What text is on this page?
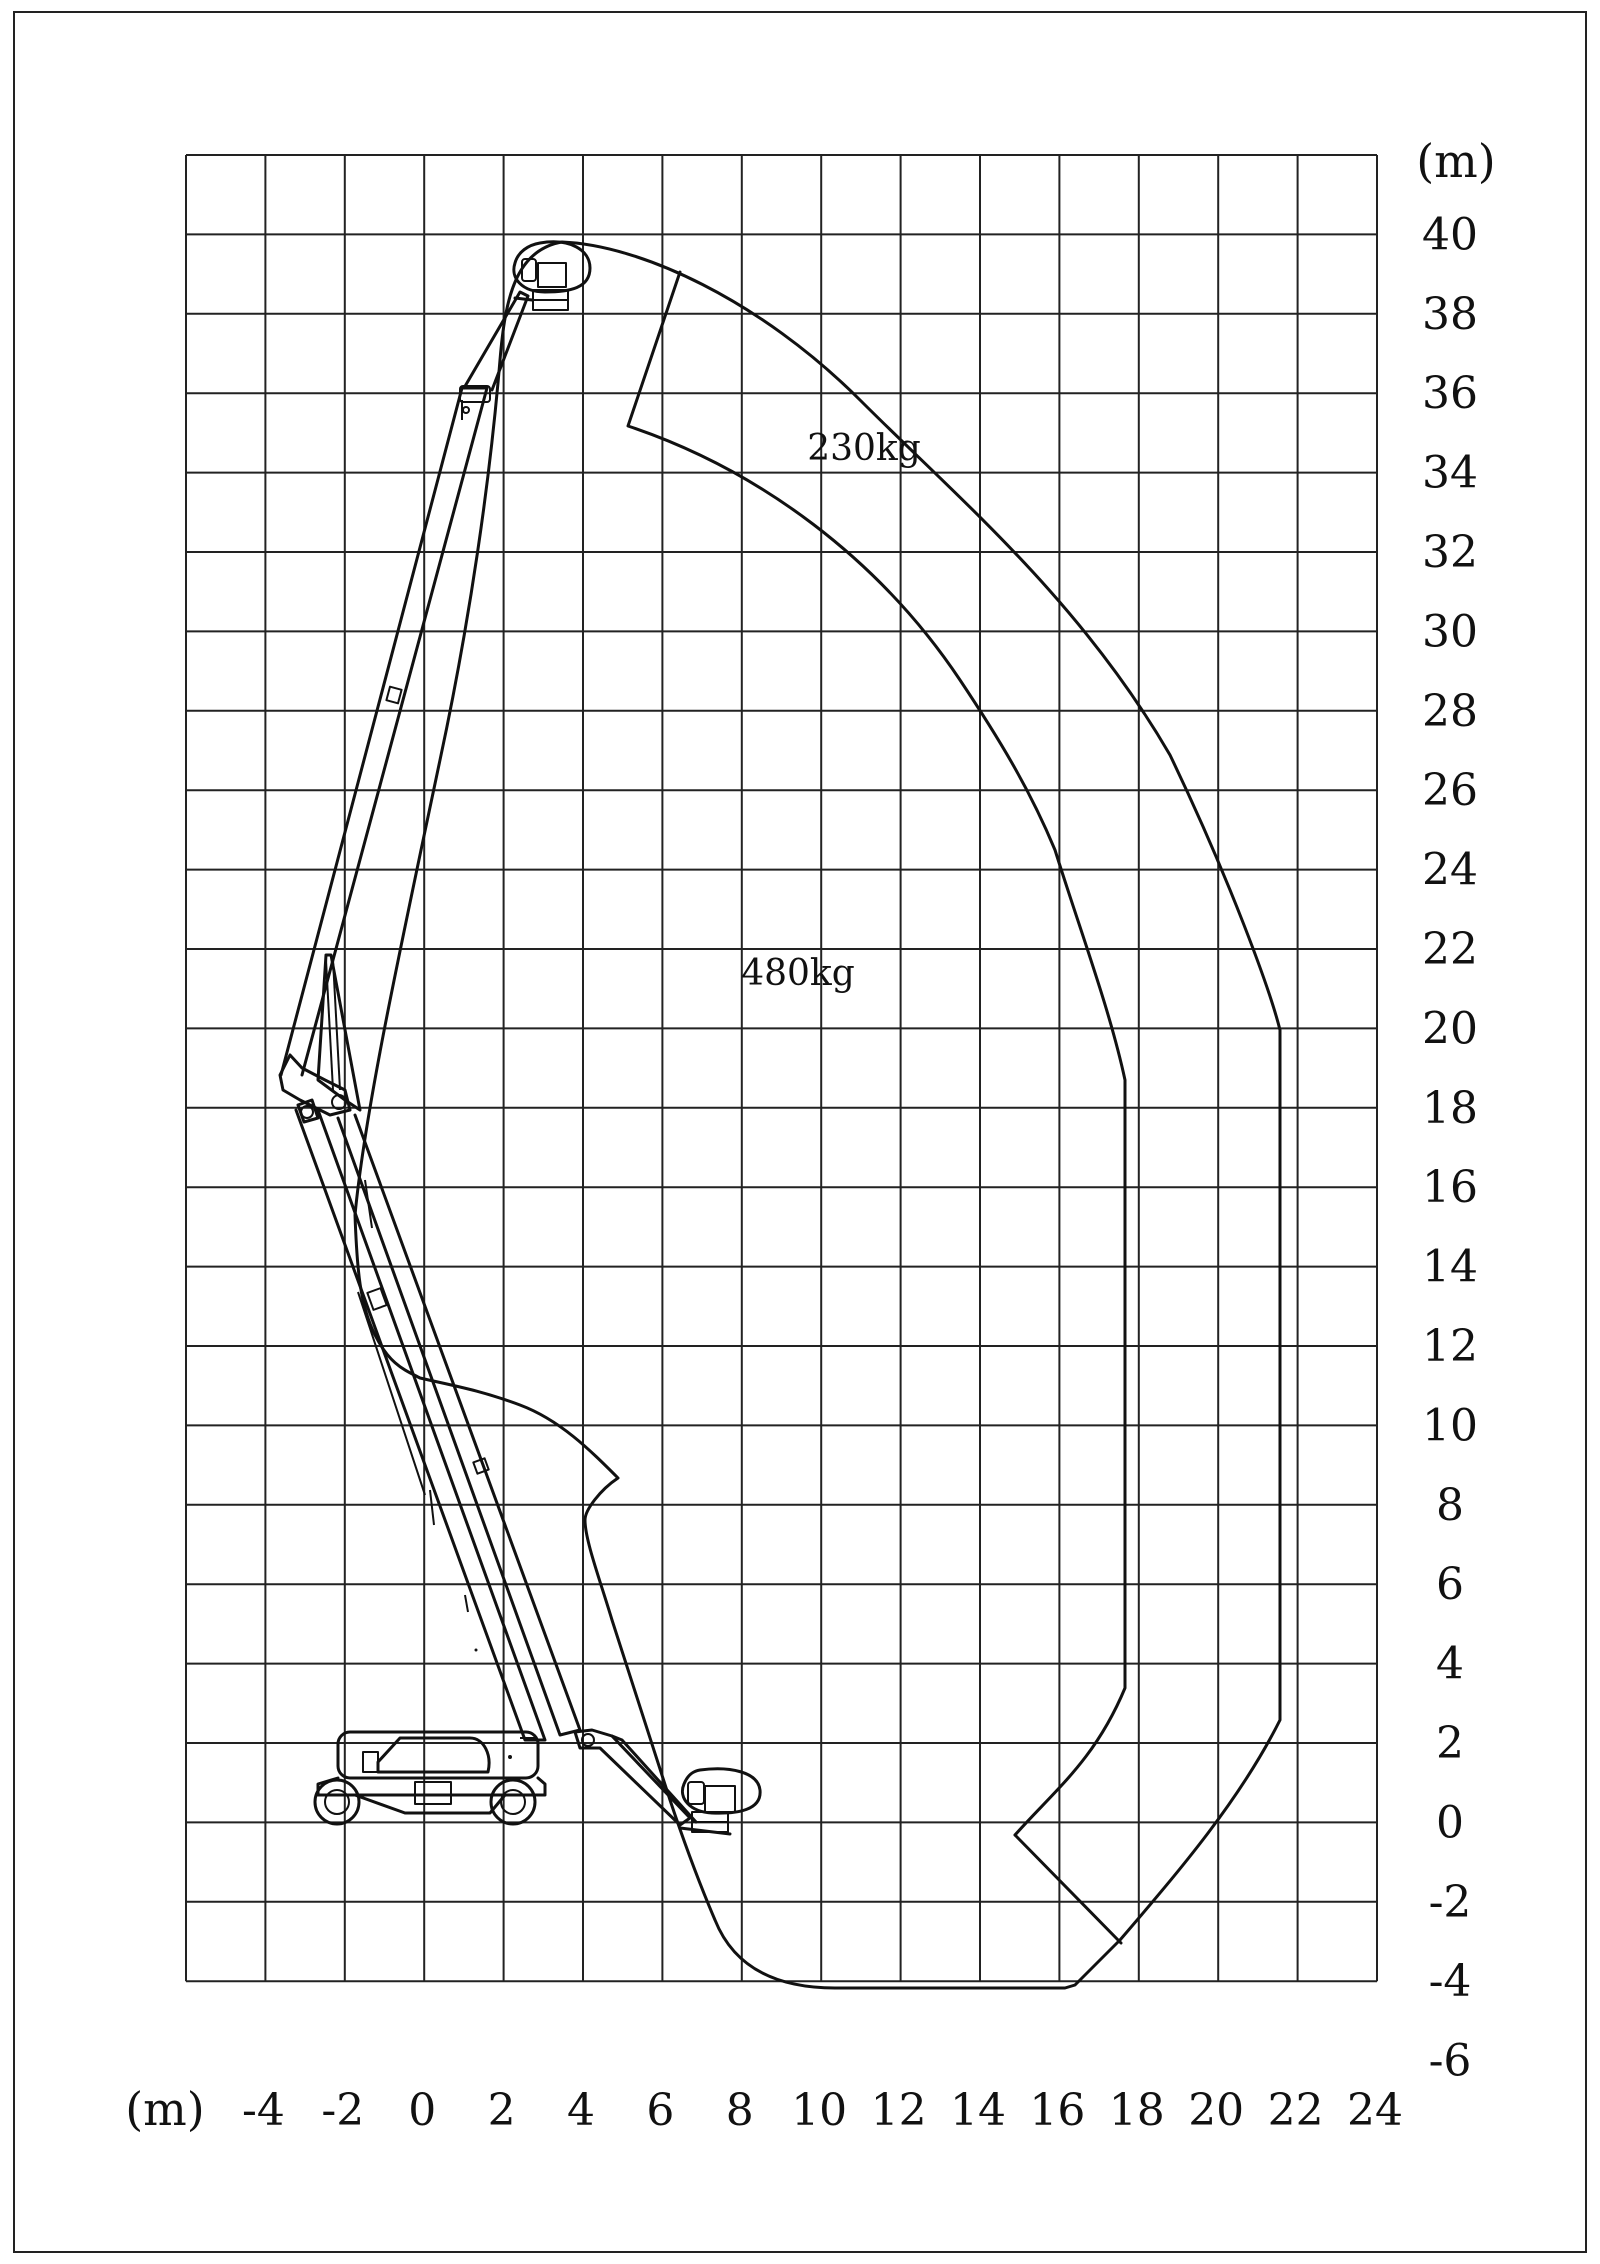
-4 -2 0 2 4 6 8 10 12 14 16 18 20 22 24
40
38
36
34
32
30
28
26
24
22
20
18
16
14
12
10
8
6
4
2
0
-2
-4
-6
(m)
(m)
230kg
480kg
